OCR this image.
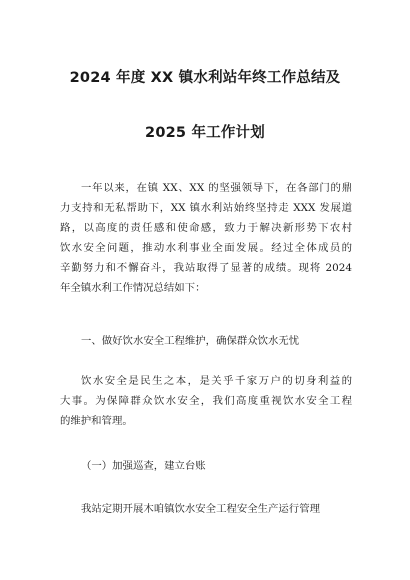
2024 年度 XX 镇水利站年终工作总结及
2025 年工作计划
一年以来，在镇 XX、XX 的坚强领导下，在各部门的鼎
力支持和无私帮助下，XX 镇水利站始终坚持走 XXX 发展道
路，以高度的责任感和使命感，致力于解决新形势下农村
饮水安全问题，推动水利事业全面发展。经过全体成员的
辛勤努力和不懈奋斗，我站取得了显著的成绩。现将 2024
年全镇水利工作情况总结如下：
一、做好饮水安全工程维护，确保群众饮水无忧
饮水安全是民生之本，是关乎千家万户的切身利益的
大事。为保障群众饮水安全，我们高度重视饮水安全工程
的维护和管理。
（一）加强巡查，建立台账
我站定期开展木咱镇饮水安全工程安全生产运行管理
